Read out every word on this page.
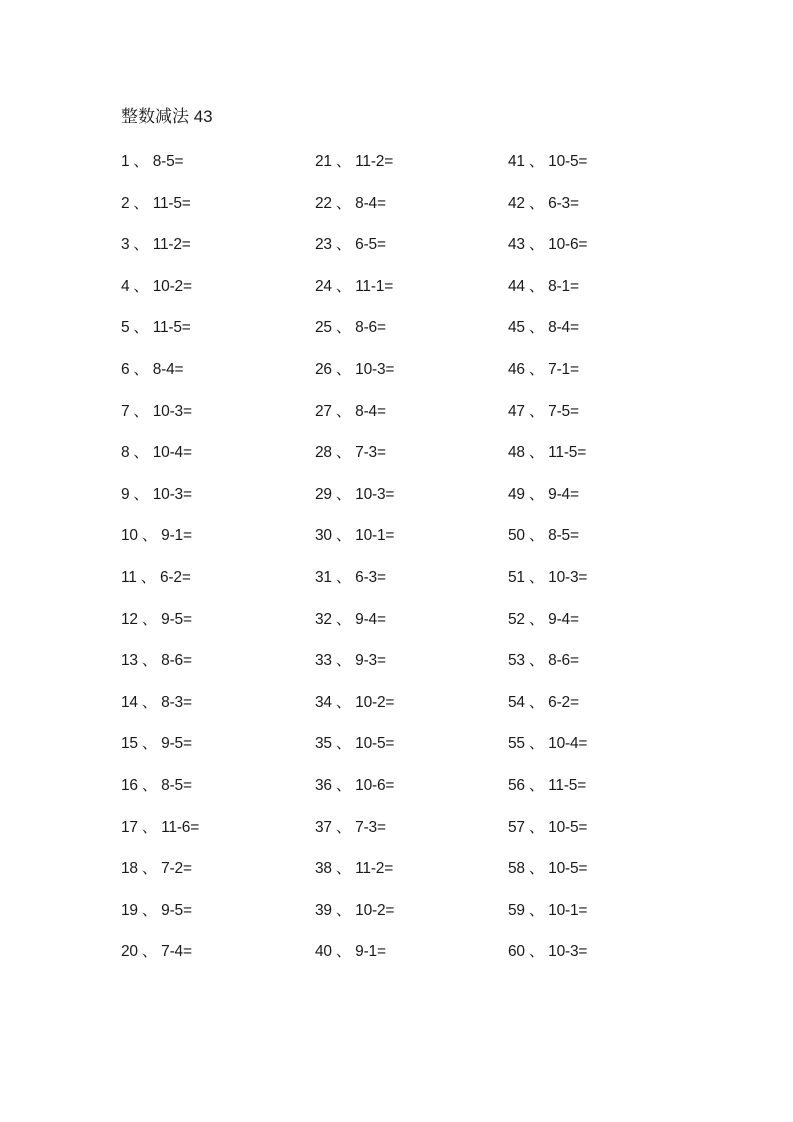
整数减法 43
1 、 8-5=
2 、 11-5=
3 、 11-2=
4 、 10-2=
5 、 11-5=
6 、 8-4=
7 、 10-3=
8 、 10-4=
9 、 10-3=
10 、 9-1=
11 、 6-2=
12 、 9-5=
13 、 8-6=
14 、 8-3=
15 、 9-5=
16 、 8-5=
17 、 11-6=
18 、 7-2=
19 、 9-5=
20 、 7-4=
21 、 11-2=
22 、 8-4=
23 、 6-5=
24 、 11-1=
25 、 8-6=
26 、 10-3=
27 、 8-4=
28 、 7-3=
29 、 10-3=
30 、 10-1=
31 、 6-3=
32 、 9-4=
33 、 9-3=
34 、 10-2=
35 、 10-5=
36 、 10-6=
37 、 7-3=
38 、 11-2=
39 、 10-2=
40 、 9-1=
41 、 10-5=
42 、 6-3=
43 、 10-6=
44 、 8-1=
45 、 8-4=
46 、 7-1=
47 、 7-5=
48 、 11-5=
49 、 9-4=
50 、 8-5=
51 、 10-3=
52 、 9-4=
53 、 8-6=
54 、 6-2=
55 、 10-4=
56 、 11-5=
57 、 10-5=
58 、 10-5=
59 、 10-1=
60 、 10-3=
